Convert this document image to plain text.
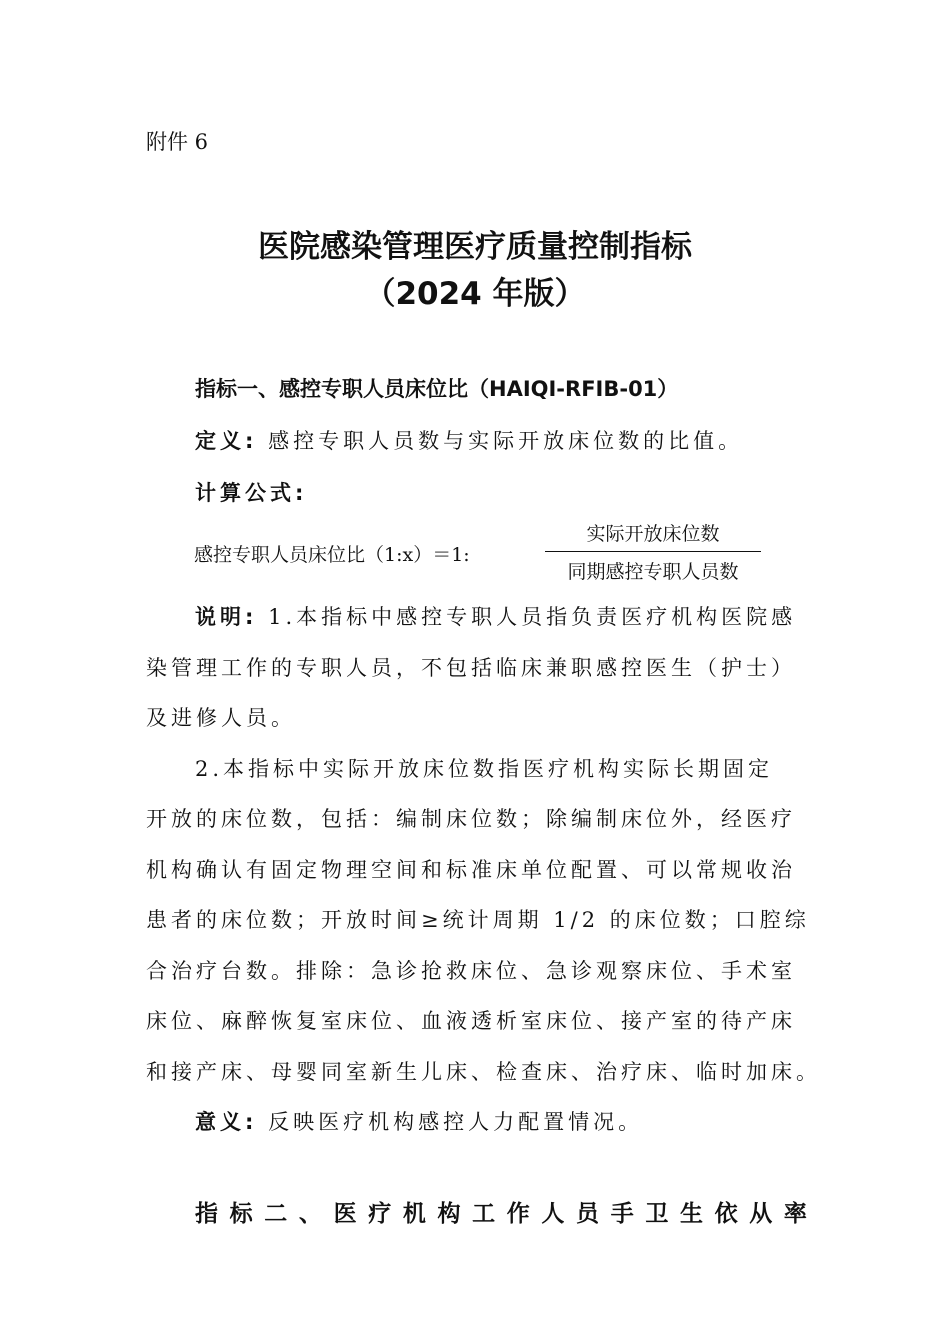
附件 6
医院感染管理医疗质量控制指标
（2024 年版）
指标一、感控专职人员床位比（HAIQI-RFIB-01）
定义: 感控专职人员数与实际开放床位数的比值。
计算公式:
感控专职人员床位比（1:x）＝1:
实际开放床位数
同期感控专职人员数
说明: 1.本指标中感控专职人员指负责医疗机构医院感
染管理工作的专职人员，不包括临床兼职感控医生（护士）
及进修人员。
2.本指标中实际开放床位数指医疗机构实际长期固定
开放的床位数，包括：编制床位数；除编制床位外，经医疗
机构确认有固定物理空间和标准床单位配置、可以常规收治
患者的床位数；开放时间≥统计周期 1/2 的床位数；口腔综
合治疗台数。排除：急诊抢救床位、急诊观察床位、手术室
床位、麻醉恢复室床位、血液透析室床位、接产室的待产床
和接产床、母婴同室新生儿床、检查床、治疗床、临时加床。
意义: 反映医疗机构感控人力配置情况。
指 标 二 、 医 疗 机 构 工 作 人 员 手 卫 生 依 从 率
